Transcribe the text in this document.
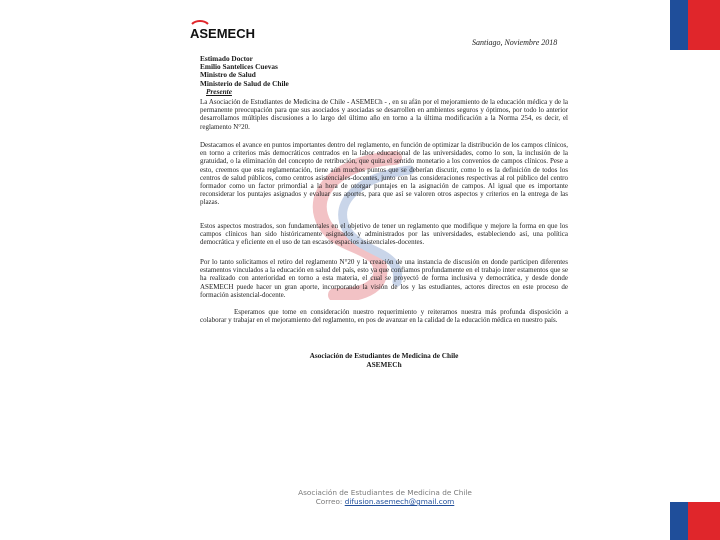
ASEMECH
Santiago, Noviembre 2018
Estimado Doctor
Emilio Santelices Cuevas
Ministro de Salud
Ministerio de Salud de Chile
Presente
La Asociación de Estudiantes de Medicina de Chile - ASEMECh - , en su afán por el mejoramiento de la educación médica y de la permanente preocupación para que sus asociados y asociadas se desarrollen en ambientes seguros y óptimos, por todo lo anterior desarrollamos múltiples discusiones a lo largo del último año en torno a la última modificación a la Norma 254, es decir, el reglamento N°20.
Destacamos el avance en puntos importantes dentro del reglamento, en función de optimizar la distribución de los campos clínicos, en torno a criterios más democráticos centrados en la labor educacional de las universidades, como lo son, la inclusión de la gratuidad, o la eliminación del concepto de retribución, que quita el sentido monetario a los convenios de campos clínicos. Pese a esto, creemos que esta reglamentación, tiene aún muchos puntos que se deberían discutir, como lo es la definición de todos los centros de salud públicos, como centros asistenciales-docentes, junto con las consideraciones respectivas al rol público del centro formador como un factor primordial a la hora de otorgar puntajes en la asignación de campos. Al igual que es importante reconsiderar los puntajes asignados y evaluar sus aportes, para que así se valoren otros aspectos y criterios en la entrega de las plazas.
Estos aspectos mostrados, son fundamentales en el objetivo de tener un reglamento que modifique y mejore la forma en que los campos clínicos han sido históricamente asignados y administrados por las universidades, estableciendo así, una política democrática y eficiente en el uso de tan escasos espacios asistenciales-docentes.
Por lo tanto solicitamos el retiro del reglamento N°20 y la creación de una instancia de discusión en donde participen diferentes estamentos vinculados a la educación en salud del país, esto ya que confiamos profundamente en el trabajo inter estamentos que se ha realizado con anterioridad en torno a esta materia, el cual se proyectó de forma inclusiva y democrática, y desde donde ASEMECH puede hacer un gran aporte, incorporando la visión de los y las estudiantes, actores directos en este proceso de formación asistencial-docente.
Esperamos que tome en consideración nuestro requerimiento y reiteramos nuestra más profunda disposición a colaborar y trabajar en el mejoramiento del reglamento, en pos de avanzar en la calidad de la educación médica en nuestro país.
Asociación de Estudiantes de Medicina de Chile
ASEMECh
Asociación de Estudiantes de Medicina de Chile
Correo: difusion.asemech@gmail.com
